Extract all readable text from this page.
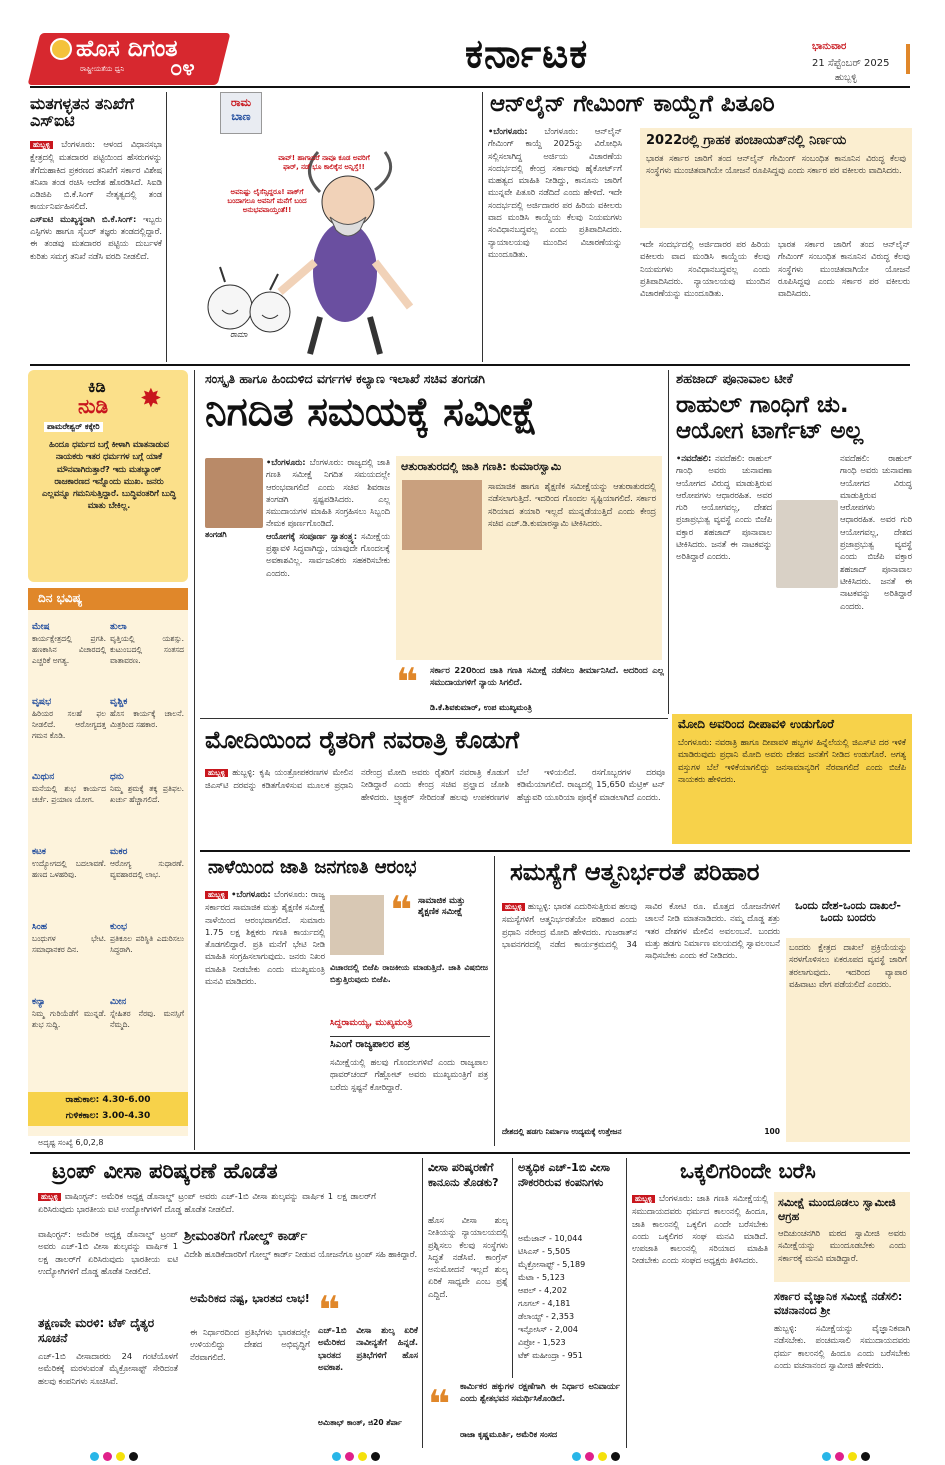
ಹೊಸ ದಿಗಂತ
ರಾಷ್ಟ್ರೀಯತೆಯ ಧ್ವನಿ ೦೪	ಕರ್ನಾಟಕ	ಭಾನುವಾರ
21 ಸೆಪ್ಟೆಂಬರ್ 2025
ಹುಬ್ಬಳ್ಳಿ
ಮತಗಳ್ಳತನ ತನಿಖೆಗೆ ಎಸ್ಐಟಿ
ಹುಬ್ಬಳ್ಳಿ ಬೆಂಗಳೂರು: ಆಳಂದ ವಿಧಾನಸಭಾ ಕ್ಷೇತ್ರದಲ್ಲಿ ಮತದಾರರ ಪಟ್ಟಿಯಿಂದ ಹೆಸರುಗಳನ್ನು ತೆಗೆದುಹಾಕಿದ ಪ್ರಕರಣದ ತನಿಖೆಗೆ ಸರ್ಕಾರ ವಿಶೇಷ ತನಿಖಾ ತಂಡ ರಚಿಸಿ ಆದೇಶ ಹೊರಡಿಸಿದೆ. ಸಿಐಡಿ ಎಡಿಜಿಪಿ ಬಿ.ಕೆ.ಸಿಂಗ್ ನೇತೃತ್ವದಲ್ಲಿ ತಂಡ ಕಾರ್ಯನಿರ್ವಹಿಸಲಿದೆ.
ಎಸ್ಐಟಿ ಮುಖ್ಯಸ್ಥರಾಗಿ ಬಿ.ಕೆ.ಸಿಂಗ್: ಇಬ್ಬರು ಎಸ್ಪಿಗಳು ಹಾಗೂ ಸೈಬರ್ ತಜ್ಞರು ತಂಡದಲ್ಲಿದ್ದಾರೆ. ಈ ತಂಡವು ಮತದಾರರ ಪಟ್ಟಿಯ ದುರ್ಬಳಕೆ ಕುರಿತು ಸಮಗ್ರ ತನಿಖೆ ನಡೆಸಿ ವರದಿ ನೀಡಲಿದೆ.
ರಾಮ
ಬಾಣ
ಅವನಿಷ್ಟು ಲೈಸೆನ್ಸಿದ್ದರೂ! ಪಾಕ್‌ಗೆ ಬಂದಾಗಲೂ ಅವನಿಗೆ ಮನೆಗೆ ಬಂದ ಅನುಭವವಾಯ್ತಂತೆ!!
ವಾವ್! ಹಾಗಾದರೆ ನಾವೂ ಕೂಡ ಅವರಿಗೆ ಫಾರ್, ನಡೆ ಭೂ ಕಾಲಿಕ್ಕೆನ ಅನ್ನಿಸ್ತೆ!!
ರಾಮಾ
ಆನ್‌ಲೈನ್ ಗೇಮಿಂಗ್ ಕಾಯ್ದೆಗೆ ಪಿತೂರಿ
•ಬೆಂಗಳೂರು: ಬೆಂಗಳೂರು: ಆನ್‌ಲೈನ್ ಗೇಮಿಂಗ್ ಕಾಯ್ದೆ 2025ನ್ನು ವಿರೋಧಿಸಿ ಸಲ್ಲಿಸಲಾಗಿದ್ದ ಅರ್ಜಿಯ ವಿಚಾರಣೆಯ ಸಂದರ್ಭದಲ್ಲಿ ಕೇಂದ್ರ ಸರ್ಕಾರವು ಹೈಕೋರ್ಟ್‌ಗೆ ಮಹತ್ವದ ಮಾಹಿತಿ ನೀಡಿದ್ದು, ಕಾನೂನು ಜಾರಿಗೆ ಮುನ್ನವೇ ಪಿತೂರಿ ನಡೆದಿದೆ ಎಂದು ಹೇಳಿದೆ. ಇದೇ ಸಂದರ್ಭದಲ್ಲಿ ಅರ್ಜಿದಾರರ ಪರ ಹಿರಿಯ ವಕೀಲರು ವಾದ ಮಂಡಿಸಿ ಕಾಯ್ದೆಯ ಕೆಲವು ನಿಯಮಗಳು ಸಂವಿಧಾನಬದ್ಧವಲ್ಲ ಎಂದು ಪ್ರತಿಪಾದಿಸಿದರು. ನ್ಯಾಯಾಲಯವು ಮುಂದಿನ ವಿಚಾರಣೆಯನ್ನು ಮುಂದೂಡಿತು.
2022ರಲ್ಲಿ ಗ್ರಾಹಕ ಪಂಚಾಯತ್‌ನಲ್ಲಿ ನಿರ್ಣಯ
ಭಾರತ ಸರ್ಕಾರ ಜಾರಿಗೆ ತಂದ ಆನ್‌ಲೈನ್ ಗೇಮಿಂಗ್ ಸಂಬಂಧಿತ ಕಾನೂನಿನ ವಿರುದ್ಧ ಕೆಲವು ಸಂಸ್ಥೆಗಳು ಮುಂಚಿತವಾಗಿಯೇ ಯೋಜನೆ ರೂಪಿಸಿದ್ದವು ಎಂದು ಸರ್ಕಾರ ಪರ ವಕೀಲರು ವಾದಿಸಿದರು.
ಇದೇ ಸಂದರ್ಭದಲ್ಲಿ ಅರ್ಜಿದಾರರ ಪರ ಹಿರಿಯ ವಕೀಲರು ವಾದ ಮಂಡಿಸಿ ಕಾಯ್ದೆಯ ಕೆಲವು ನಿಯಮಗಳು ಸಂವಿಧಾನಬದ್ಧವಲ್ಲ ಎಂದು ಪ್ರತಿಪಾದಿಸಿದರು. ನ್ಯಾಯಾಲಯವು ಮುಂದಿನ ವಿಚಾರಣೆಯನ್ನು ಮುಂದೂಡಿತು.
ಭಾರತ ಸರ್ಕಾರ ಜಾರಿಗೆ ತಂದ ಆನ್‌ಲೈನ್ ಗೇಮಿಂಗ್ ಸಂಬಂಧಿತ ಕಾನೂನಿನ ವಿರುದ್ಧ ಕೆಲವು ಸಂಸ್ಥೆಗಳು ಮುಂಚಿತವಾಗಿಯೇ ಯೋಜನೆ ರೂಪಿಸಿದ್ದವು ಎಂದು ಸರ್ಕಾರ ಪರ ವಕೀಲರು ವಾದಿಸಿದರು.
ಕಿಡಿ
ನುಡಿ ✸
ಪಾಮರೇಶ್ವರ್ ಕಕ್ಕೇರಿ
ಹಿಂದೂ ಧರ್ಮದ ಬಗ್ಗೆ ಕೀಳಾಗಿ ಮಾತನಾಡುವ ನಾಯಕರು ಇತರ ಧರ್ಮಗಳ ಬಗ್ಗೆ ಯಾಕೆ ಮೌನವಾಗಿರುತ್ತಾರೆ? ಇದು ಮತಬ್ಯಾಂಕ್ ರಾಜಕಾರಣದ ಇನ್ನೊಂದು ಮುಖ. ಜನರು ಎಲ್ಲವನ್ನೂ ಗಮನಿಸುತ್ತಿದ್ದಾರೆ. ಬುದ್ಧಿವಂತರಿಗೆ ಬುದ್ಧಿ ಮಾತು ಬೇಕಿಲ್ಲ.
ದಿನ ಭವಿಷ್ಯ
ಮೇಷ
ಕಾರ್ಯಕ್ಷೇತ್ರದಲ್ಲಿ ಪ್ರಗತಿ. ಹಣಕಾಸಿನ ವಿಚಾರದಲ್ಲಿ ಎಚ್ಚರಿಕೆ ಅಗತ್ಯ.
ತುಲಾ
ವೃತ್ತಿಯಲ್ಲಿ ಯಶಸ್ಸು. ಕುಟುಂಬದಲ್ಲಿ ಸಂತಸದ ವಾತಾವರಣ.
ವೃಷಭ
ಹಿರಿಯರ ಸಲಹೆ ಫಲ ನೀಡಲಿದೆ. ಆರೋಗ್ಯದತ್ತ ಗಮನ ಕೊಡಿ.
ವೃಶ್ಚಿಕ
ಹೊಸ ಕಾರ್ಯಕ್ಕೆ ಚಾಲನೆ. ಮಿತ್ರರಿಂದ ಸಹಕಾರ.
ಮಿಥುನ
ಮನೆಯಲ್ಲಿ ಶುಭ ಕಾರ್ಯದ ಚರ್ಚೆ. ಪ್ರಯಾಣ ಯೋಗ.
ಧನು
ನಿಮ್ಮ ಶ್ರಮಕ್ಕೆ ತಕ್ಕ ಪ್ರತಿಫಲ. ಖರ್ಚು ಹೆಚ್ಚಾಗಲಿದೆ.
ಕಟಕ
ಉದ್ಯೋಗದಲ್ಲಿ ಬದಲಾವಣೆ. ಹಣದ ಒಳಹರಿವು.
ಮಕರ
ಆರೋಗ್ಯ ಸುಧಾರಣೆ. ವ್ಯವಹಾರದಲ್ಲಿ ಲಾಭ.
ಸಿಂಹ
ಬಂಧುಗಳ ಭೇಟಿ. ಸಮಾಧಾನಕರ ದಿನ.
ಕುಂಭ
ಪ್ರತಿಕೂಲ ಪರಿಸ್ಥಿತಿ ಎದುರಿಸಲು ಸಿದ್ಧರಾಗಿ.
ಕನ್ಯಾ
ನಿಮ್ಮ ಗುರಿಯೆಡೆಗೆ ಮುನ್ನಡೆ. ಶುಭ ಸುದ್ದಿ.
ಮೀನ
ಸ್ನೇಹಿತರ ನೆರವು. ಮನಸ್ಸಿಗೆ ನೆಮ್ಮದಿ.
ರಾಹುಕಾಲ: 4.30-6.00
ಗುಳಿಕಕಾಲ: 3.00-4.30
ಅದೃಷ್ಟ ಸಂಖ್ಯೆ 6,0,2,8
ಸಂಸ್ಕೃತಿ ಹಾಗೂ ಹಿಂದುಳಿದ ವರ್ಗಗಳ ಕಲ್ಯಾಣ ಇಲಾಖೆ ಸಚಿವ ತಂಗಡಗಿ
ನಿಗದಿತ ಸಮಯಕ್ಕೆ ಸಮೀಕ್ಷೆ
ತಂಗಡಗಿ
•ಬೆಂಗಳೂರು: ಬೆಂಗಳೂರು: ರಾಜ್ಯದಲ್ಲಿ ಜಾತಿ ಗಣತಿ ಸಮೀಕ್ಷೆ ನಿಗದಿತ ಸಮಯದಲ್ಲೇ ಆರಂಭವಾಗಲಿದೆ ಎಂದು ಸಚಿವ ಶಿವರಾಜ ತಂಗಡಗಿ ಸ್ಪಷ್ಟಪಡಿಸಿದರು. ಎಲ್ಲ ಸಮುದಾಯಗಳ ಮಾಹಿತಿ ಸಂಗ್ರಹಿಸಲು ಸಿಬ್ಬಂದಿ ನೇಮಕ ಪೂರ್ಣಗೊಂಡಿದೆ.
ಆಯೋಗಕ್ಕೆ ಸಂಪೂರ್ಣ ಸ್ವಾತಂತ್ರ್ಯ: ಸಮೀಕ್ಷೆಯ ಪ್ರಶ್ನಾವಳಿ ಸಿದ್ಧವಾಗಿದ್ದು, ಯಾವುದೇ ಗೊಂದಲಕ್ಕೆ ಅವಕಾಶವಿಲ್ಲ. ಸಾರ್ವಜನಿಕರು ಸಹಕರಿಸಬೇಕು ಎಂದರು.
ಆತುರಾತುರದಲ್ಲಿ ಜಾತಿ ಗಣತಿ: ಕುಮಾರಸ್ವಾಮಿ
ಸಾಮಾಜಿಕ ಹಾಗೂ ಶೈಕ್ಷಣಿಕ ಸಮೀಕ್ಷೆಯನ್ನು ಆತುರಾತುರದಲ್ಲಿ ನಡೆಸಲಾಗುತ್ತಿದೆ. ಇದರಿಂದ ಗೊಂದಲ ಸೃಷ್ಟಿಯಾಗಲಿದೆ. ಸರ್ಕಾರ ಸರಿಯಾದ ತಯಾರಿ ಇಲ್ಲದೆ ಮುನ್ನಡೆಯುತ್ತಿದೆ ಎಂದು ಕೇಂದ್ರ ಸಚಿವ ಎಚ್.ಡಿ.ಕುಮಾರಸ್ವಾಮಿ ಟೀಕಿಸಿದರು.
❝ ಸರ್ಕಾರ 220ರಿಂದ ಜಾತಿ ಗಣತಿ ಸಮೀಕ್ಷೆ ನಡೆಸಲು ತೀರ್ಮಾನಿಸಿದೆ. ಅದರಿಂದ ಎಲ್ಲ ಸಮುದಾಯಗಳಿಗೆ ನ್ಯಾಯ ಸಿಗಲಿದೆ.
ಡಿ.ಕೆ.ಶಿವಕುಮಾರ್, ಉಪ ಮುಖ್ಯಮಂತ್ರಿ
ಶಹಜಾದ್ ಪೂನಾವಾಲ ಟೀಕೆ
ರಾಹುಲ್ ಗಾಂಧಿಗೆ ಚು. ಆಯೋಗ ಟಾರ್ಗೆಟ್ ಅಲ್ಲ
•ನವದೆಹಲಿ: ನವದೆಹಲಿ: ರಾಹುಲ್ ಗಾಂಧಿ ಅವರು ಚುನಾವಣಾ ಆಯೋಗದ ವಿರುದ್ಧ ಮಾಡುತ್ತಿರುವ ಆರೋಪಗಳು ಆಧಾರರಹಿತ. ಅವರ ಗುರಿ ಆಯೋಗವಲ್ಲ, ದೇಶದ ಪ್ರಜಾಪ್ರಭುತ್ವ ವ್ಯವಸ್ಥೆ ಎಂದು ಬಿಜೆಪಿ ವಕ್ತಾರ ಶಹಜಾದ್ ಪೂನಾವಾಲ ಟೀಕಿಸಿದರು. ಜನತೆ ಈ ನಾಟಕವನ್ನು ಅರಿತಿದ್ದಾರೆ ಎಂದರು.
ನವದೆಹಲಿ: ರಾಹುಲ್ ಗಾಂಧಿ ಅವರು ಚುನಾವಣಾ ಆಯೋಗದ ವಿರುದ್ಧ ಮಾಡುತ್ತಿರುವ ಆರೋಪಗಳು ಆಧಾರರಹಿತ. ಅವರ ಗುರಿ ಆಯೋಗವಲ್ಲ, ದೇಶದ ಪ್ರಜಾಪ್ರಭುತ್ವ ವ್ಯವಸ್ಥೆ ಎಂದು ಬಿಜೆಪಿ ವಕ್ತಾರ ಶಹಜಾದ್ ಪೂನಾವಾಲ ಟೀಕಿಸಿದರು. ಜನತೆ ಈ ನಾಟಕವನ್ನು ಅರಿತಿದ್ದಾರೆ ಎಂದರು.
ಮೋದಿ ಅವರಿಂದ ದೀಪಾವಳಿ ಉಡುಗೊರೆ
ಬೆಂಗಳೂರು: ನವರಾತ್ರಿ ಹಾಗೂ ದೀಪಾವಳಿ ಹಬ್ಬಗಳ ಹಿನ್ನೆಲೆಯಲ್ಲಿ ಜಿಎಸ್‌ಟಿ ದರ ಇಳಿಕೆ ಮಾಡಿರುವುದು ಪ್ರಧಾನಿ ಮೋದಿ ಅವರು ದೇಶದ ಜನತೆಗೆ ನೀಡಿದ ಉಡುಗೊರೆ. ಅಗತ್ಯ ವಸ್ತುಗಳ ಬೆಲೆ ಇಳಿಕೆಯಾಗಲಿದ್ದು ಜನಸಾಮಾನ್ಯರಿಗೆ ನೆರವಾಗಲಿದೆ ಎಂದು ಬಿಜೆಪಿ ನಾಯಕರು ಹೇಳಿದರು.
ಮೋದಿಯಿಂದ ರೈತರಿಗೆ ನವರಾತ್ರಿ ಕೊಡುಗೆ
ಹುಬ್ಬಳ್ಳಿ ಹುಬ್ಬಳ್ಳಿ: ಕೃಷಿ ಯಂತ್ರೋಪಕರಣಗಳ ಮೇಲಿನ ಜಿಎಸ್‌ಟಿ ದರವನ್ನು ಕಡಿತಗೊಳಿಸುವ ಮೂಲಕ ಪ್ರಧಾನಿ ನರೇಂದ್ರ ಮೋದಿ ಅವರು ರೈತರಿಗೆ ನವರಾತ್ರಿ ಕೊಡುಗೆ ನೀಡಿದ್ದಾರೆ ಎಂದು ಕೇಂದ್ರ ಸಚಿವ ಪ್ರಲ್ಹಾದ ಜೋಶಿ ಹೇಳಿದರು. ಟ್ರ್ಯಾಕ್ಟರ್ ಸೇರಿದಂತೆ ಹಲವು ಉಪಕರಣಗಳ ಬೆಲೆ ಇಳಿಯಲಿದೆ. ರಸಗೊಬ್ಬರಗಳ ದರವೂ ಕಡಿಮೆಯಾಗಲಿದೆ. ರಾಜ್ಯದಲ್ಲಿ 15,650 ಮೆಟ್ರಿಕ್ ಟನ್ ಹೆಚ್ಚುವರಿ ಯೂರಿಯಾ ಪೂರೈಕೆ ಮಾಡಲಾಗಿದೆ ಎಂದರು.
ನಾಳೆಯಿಂದ ಜಾತಿ ಜನಗಣತಿ ಆರಂಭ
ಹುಬ್ಬಳ್ಳಿ •ಬೆಂಗಳೂರು: ಬೆಂಗಳೂರು: ರಾಜ್ಯ ಸರ್ಕಾರದ ಸಾಮಾಜಿಕ ಮತ್ತು ಶೈಕ್ಷಣಿಕ ಸಮೀಕ್ಷೆ ನಾಳೆಯಿಂದ ಆರಂಭವಾಗಲಿದೆ. ಸುಮಾರು 1.75 ಲಕ್ಷ ಶಿಕ್ಷಕರು ಗಣತಿ ಕಾರ್ಯದಲ್ಲಿ ತೊಡಗಲಿದ್ದಾರೆ. ಪ್ರತಿ ಮನೆಗೆ ಭೇಟಿ ನೀಡಿ ಮಾಹಿತಿ ಸಂಗ್ರಹಿಸಲಾಗುವುದು. ಜನರು ನಿಖರ ಮಾಹಿತಿ ನೀಡಬೇಕು ಎಂದು ಮುಖ್ಯಮಂತ್ರಿ ಮನವಿ ಮಾಡಿದರು.
❝ ಸಾಮಾಜಿಕ ಮತ್ತು ಶೈಕ್ಷಣಿಕ ಸಮೀಕ್ಷೆ
ವಿಚಾರದಲ್ಲಿ ಬಿಜೆಪಿ ರಾಜಕೀಯ ಮಾಡುತ್ತಿದೆ. ಜಾತಿ ವಿಷಬೀಜ ಬಿತ್ತುತ್ತಿರುವುದು ಬಿಜೆಪಿ.
ಸಿದ್ದರಾಮಯ್ಯ, ಮುಖ್ಯಮಂತ್ರಿ
ಸಿಎಂಗೆ ರಾಜ್ಯಪಾಲರ ಪತ್ರ
ಸಮೀಕ್ಷೆಯಲ್ಲಿ ಹಲವು ಗೊಂದಲಗಳಿವೆ ಎಂದು ರಾಜ್ಯಪಾಲ ಥಾವರ್‌ಚಂದ್ ಗೆಹ್ಲೋಟ್ ಅವರು ಮುಖ್ಯಮಂತ್ರಿಗೆ ಪತ್ರ ಬರೆದು ಸ್ಪಷ್ಟನೆ ಕೋರಿದ್ದಾರೆ.
ಸಮಸ್ಯೆಗೆ ಆತ್ಮನಿರ್ಭರತೆ ಪರಿಹಾರ
ಹುಬ್ಬಳ್ಳಿ ಹುಬ್ಬಳ್ಳಿ: ಭಾರತ ಎದುರಿಸುತ್ತಿರುವ ಹಲವು ಸಮಸ್ಯೆಗಳಿಗೆ ಆತ್ಮನಿರ್ಭರತೆಯೇ ಪರಿಹಾರ ಎಂದು ಪ್ರಧಾನಿ ನರೇಂದ್ರ ಮೋದಿ ಹೇಳಿದರು. ಗುಜರಾತ್‌ನ ಭಾವನಗರದಲ್ಲಿ ನಡೆದ ಕಾರ್ಯಕ್ರಮದಲ್ಲಿ 34 ಸಾವಿರ ಕೋಟಿ ರೂ. ಮೊತ್ತದ ಯೋಜನೆಗಳಿಗೆ ಚಾಲನೆ ನೀಡಿ ಮಾತನಾಡಿದರು. ನಮ್ಮ ದೊಡ್ಡ ಶತ್ರು ಇತರ ದೇಶಗಳ ಮೇಲಿನ ಅವಲಂಬನೆ. ಬಂದರು ಮತ್ತು ಹಡಗು ನಿರ್ಮಾಣ ವಲಯದಲ್ಲಿ ಸ್ವಾವಲಂಬನೆ ಸಾಧಿಸಬೇಕು ಎಂದು ಕರೆ ನೀಡಿದರು.
ದೇಶದಲ್ಲಿ ಹಡಗು ನಿರ್ಮಾಣ ಉದ್ಯಮಕ್ಕೆ ಉತ್ತೇಜನ	100
ಒಂದು ದೇಶ-ಒಂದು ದಾಖಲೆ-ಒಂದು ಬಂದರು
ಬಂದರು ಕ್ಷೇತ್ರದ ದಾಖಲೆ ಪ್ರಕ್ರಿಯೆಯನ್ನು ಸರಳಗೊಳಿಸಲು ಏಕರೂಪದ ವ್ಯವಸ್ಥೆ ಜಾರಿಗೆ ತರಲಾಗುವುದು. ಇದರಿಂದ ವ್ಯಾಪಾರ ವಹಿವಾಟು ವೇಗ ಪಡೆಯಲಿದೆ ಎಂದರು.
ಟ್ರಂಪ್ ವೀಸಾ ಪರಿಷ್ಕರಣೆ ಹೊಡೆತ
ಹುಬ್ಬಳ್ಳಿ ವಾಷಿಂಗ್ಟನ್: ಅಮೆರಿಕ ಅಧ್ಯಕ್ಷ ಡೊನಾಲ್ಡ್ ಟ್ರಂಪ್ ಅವರು ಎಚ್-1ಬಿ ವೀಸಾ ಶುಲ್ಕವನ್ನು ವಾರ್ಷಿಕ 1 ಲಕ್ಷ ಡಾಲರ್‌ಗೆ ಏರಿಸಿರುವುದು ಭಾರತೀಯ ಐಟಿ ಉದ್ಯೋಗಿಗಳಿಗೆ ದೊಡ್ಡ ಹೊಡೆತ ನೀಡಲಿದೆ.
ಶ್ರೀಮಂತರಿಗೆ ಗೋಲ್ಡ್ ಕಾರ್ಡ್
ವಿದೇಶಿ ಹೂಡಿಕೆದಾರರಿಗೆ ಗೋಲ್ಡ್ ಕಾರ್ಡ್ ನೀಡುವ ಯೋಜನೆಗೂ ಟ್ರಂಪ್ ಸಹಿ ಹಾಕಿದ್ದಾರೆ.
ವಾಷಿಂಗ್ಟನ್: ಅಮೆರಿಕ ಅಧ್ಯಕ್ಷ ಡೊನಾಲ್ಡ್ ಟ್ರಂಪ್ ಅವರು ಎಚ್-1ಬಿ ವೀಸಾ ಶುಲ್ಕವನ್ನು ವಾರ್ಷಿಕ 1 ಲಕ್ಷ ಡಾಲರ್‌ಗೆ ಏರಿಸಿರುವುದು ಭಾರತೀಯ ಐಟಿ ಉದ್ಯೋಗಿಗಳಿಗೆ ದೊಡ್ಡ ಹೊಡೆತ ನೀಡಲಿದೆ.
ತಕ್ಷಣವೇ ಮರಳಿ: ಟೆಕ್ ದೈತ್ಯರ ಸೂಚನೆ
ಎಚ್-1ಬಿ ವೀಸಾದಾರರು 24 ಗಂಟೆಯೊಳಗೆ ಅಮೆರಿಕಕ್ಕೆ ಮರಳುವಂತೆ ಮೈಕ್ರೋಸಾಫ್ಟ್ ಸೇರಿದಂತೆ ಹಲವು ಕಂಪನಿಗಳು ಸೂಚಿಸಿವೆ.
ಅಮೆರಿಕದ ನಷ್ಟ, ಭಾರತದ ಲಾಭ!
ಈ ನಿರ್ಧಾರದಿಂದ ಪ್ರತಿಭೆಗಳು ಭಾರತದಲ್ಲೇ ಉಳಿಯಲಿದ್ದು ದೇಶದ ಅಭಿವೃದ್ಧಿಗೆ ನೆರವಾಗಲಿದೆ.
❝
ಎಚ್-1ಬಿ ವೀಸಾ ಶುಲ್ಕ ಏರಿಕೆ ಅಮೆರಿಕದ ನಾವೀನ್ಯತೆಗೆ ಹಿನ್ನಡೆ. ಭಾರತದ ಪ್ರತಿಭೆಗಳಿಗೆ ಹೊಸ ಅವಕಾಶ.
ಅಮಿತಾಭ್ ಕಾಂತ್, ಜಿ20 ಶೆರ್ಪಾ
ವೀಸಾ ಪರಿಷ್ಕರಣೆಗೆ ಕಾನೂನು ತೊಡಕು?
ಹೊಸ ವೀಸಾ ಶುಲ್ಕ ನೀತಿಯನ್ನು ನ್ಯಾಯಾಲಯದಲ್ಲಿ ಪ್ರಶ್ನಿಸಲು ಕೆಲವು ಸಂಸ್ಥೆಗಳು ಸಿದ್ಧತೆ ನಡೆಸಿವೆ. ಕಾಂಗ್ರೆಸ್ ಅನುಮೋದನೆ ಇಲ್ಲದೆ ಶುಲ್ಕ ಏರಿಕೆ ಸಾಧ್ಯವೇ ಎಂಬ ಪ್ರಶ್ನೆ ಎದ್ದಿದೆ.
ಅತ್ಯಧಿಕ ಎಚ್-1ಬಿ ವೀಸಾ ನೌಕರರಿರುವ ಕಂಪನಿಗಳು
ಅಮೆಜಾನ್ - 10,044
ಟಿಸಿಎಸ್ - 5,505
ಮೈಕ್ರೋಸಾಫ್ಟ್ - 5,189
ಮೆಟಾ - 5,123
ಆಪಲ್ - 4,202
ಗೂಗಲ್ - 4,181
ಡೆಲಾಯ್ಟ್ - 2,353
ಇನ್ಫೋಸಿಸ್ - 2,004
ವಿಪ್ರೋ - 1,523
ಟೆಕ್ ಮಹೀಂದ್ರಾ - 951
❝ ಕಾರ್ಮಿಕರ ಹಕ್ಕುಗಳ ರಕ್ಷಣೆಗಾಗಿ ಈ ನಿರ್ಧಾರ ಅನಿವಾರ್ಯ ಎಂದು ಶ್ವೇತಭವನ ಸಮರ್ಥಿಸಿಕೊಂಡಿದೆ.
ರಾಜಾ ಕೃಷ್ಣಮೂರ್ತಿ, ಅಮೆರಿಕ ಸಂಸದ
ಒಕ್ಕಲಿಗರಿಂದೇ ಬರೆಸಿ
ಹುಬ್ಬಳ್ಳಿ ಬೆಂಗಳೂರು: ಜಾತಿ ಗಣತಿ ಸಮೀಕ್ಷೆಯಲ್ಲಿ ಸಮುದಾಯದವರು ಧರ್ಮದ ಕಾಲಂನಲ್ಲಿ ಹಿಂದೂ, ಜಾತಿ ಕಾಲಂನಲ್ಲಿ ಒಕ್ಕಲಿಗ ಎಂದೇ ಬರೆಸಬೇಕು ಎಂದು ಒಕ್ಕಲಿಗರ ಸಂಘ ಮನವಿ ಮಾಡಿದೆ. ಉಪಜಾತಿ ಕಾಲಂನಲ್ಲಿ ಸರಿಯಾದ ಮಾಹಿತಿ ನೀಡಬೇಕು ಎಂದು ಸಂಘದ ಅಧ್ಯಕ್ಷರು ತಿಳಿಸಿದರು.
ಸಮೀಕ್ಷೆ ಮುಂದೂಡಲು ಸ್ವಾಮೀಜಿ ಆಗ್ರಹ
ಆದಿಚುಂಚನಗಿರಿ ಮಠದ ಸ್ವಾಮೀಜಿ ಅವರು ಸಮೀಕ್ಷೆಯನ್ನು ಮುಂದೂಡಬೇಕು ಎಂದು ಸರ್ಕಾರಕ್ಕೆ ಮನವಿ ಮಾಡಿದ್ದಾರೆ.
ಸರ್ಕಾರ ವೈಜ್ಞಾನಿಕ ಸಮೀಕ್ಷೆ ನಡೆಸಲಿ: ವಚನಾನಂದ ಶ್ರೀ
ಹುಬ್ಬಳ್ಳಿ: ಸಮೀಕ್ಷೆಯನ್ನು ವೈಜ್ಞಾನಿಕವಾಗಿ ನಡೆಸಬೇಕು. ಪಂಚಮಸಾಲಿ ಸಮುದಾಯದವರು ಧರ್ಮ ಕಾಲಂನಲ್ಲಿ ಹಿಂದೂ ಎಂದು ಬರೆಸಬೇಕು ಎಂದು ವಚನಾನಂದ ಸ್ವಾಮೀಜಿ ಹೇಳಿದರು.
